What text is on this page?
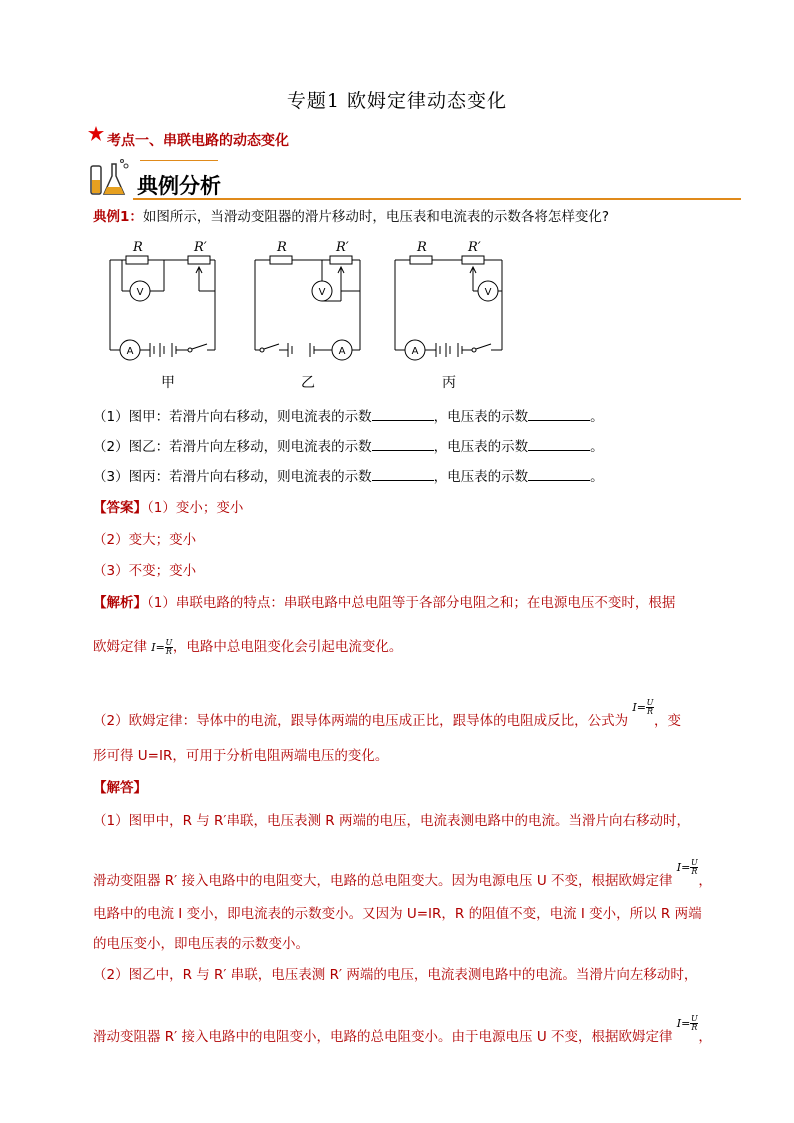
专题1 欧姆定律动态变化
考点一、串联电路的动态变化
典例分析
典例1：如图所示，当滑动变阻器的滑片移动时，电压表和电流表的示数各将怎样变化?
R	R′	R	R′	R	R′
V
A
V
A
V
A
甲	乙	丙
（1）图甲：若滑片向右移动，则电流表的示数	，电压表的示数	。
（2）图乙：若滑片向左移动，则电流表的示数	，电压表的示数	。
（3）图丙：若滑片向右移动，则电流表的示数	，电压表的示数	。
【答案】（1）变小；变小
（2）变大；变小
（3）不变；变小
【解析】（1）串联电路的特点：串联电路中总电阻等于各部分电阻之和；在电源电压不变时，根据
欧姆定律 $I= \frac{U}{R}$ ，电路中总电阻变化会引起电流变化。
（2）欧姆定律：导体中的电流，跟导体两端的电压成正比，跟导体的电阻成反比，公式为 $I= \frac{U}{R}$
，变
形可得 U=IR，可用于分析电阻两端电压的变化。
【解答】
（1）图甲中，R 与 R′串联，电压表测 R 两端的电压，电流表测电路中的电流。当滑片向右移动时，
滑动变阻器 R′ 接入电路中的电阻变大，电路的总电阻变大。因为电源电压 U 不变，根据欧姆定律 $I= \frac{U}{R}$
，
电路中的电流 I 变小，即电流表的示数变小。又因为 U=IR，R 的阻值不变，电流 I 变小，所以 R 两端
的电压变小，即电压表的示数变小。
（2）图乙中，R 与 R′ 串联，电压表测 R′ 两端的电压，电流表测电路中的电流。当滑片向左移动时，
滑动变阻器 R′ 接入电路中的电阻变小，电路的总电阻变小。由于电源电压 U 不变，根据欧姆定律 $I= \frac{U}{R}$
，
